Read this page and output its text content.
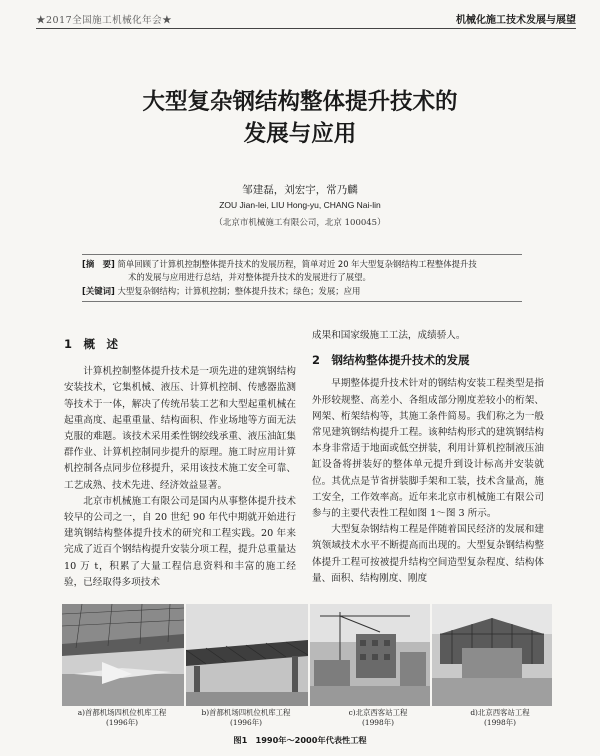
★2017全国施工机械化年会★	机械化施工技术发展与展望
大型复杂钢结构整体提升技术的
发展与应用
邹建磊，刘宏宇，常乃麟
ZOU Jian-lei, LIU Hong-yu, CHANG Nai-lin
（北京市机械施工有限公司，北京 100045）
[摘　要] 简单回顾了计算机控制整体提升技术的发展历程，简单对近 20 年大型复杂钢结构工程整体提升技
术的发展与应用进行总结，并对整体提升技术的发展进行了展望。
[关键词] 大型复杂钢结构；计算机控制；整体提升技术；绿色；发展；应用
1　概　述

计算机控制整体提升技术是一项先进的建筑钢结构安装技术，它集机械、液压、计算机控制、传感器监测等技术于一体，解决了传统吊装工艺和大型起重机械在起重高度、起重重量、结构面积、作业场地等方面无法克服的难题。该技术采用柔性钢绞线承重、液压油缸集群作业、计算机控制同步提升的原理。施工时应用计算机控制各点同步位移提升，采用该技术施工安全可靠、工艺成熟、技术先进、经济效益显著。

北京市机械施工有限公司是国内从事整体提升技术较早的公司之一，自 20 世纪 90 年代中期就开始进行建筑钢结构整体提升技术的研究和工程实践。20 年来完成了近百个钢结构提升安装分项工程，提升总重量达 10 万 t，积累了大量工程信息资料和丰富的施工经验，已经取得多项技术

成果和国家级施工工法，成绩骄人。

2　钢结构整体提升技术的发展

早期整体提升技术针对的钢结构安装工程类型是指外形较规整、高差小、各组成部分刚度差较小的桁架、网架、桁架结构等，其施工条件简易。我们称之为一般常见建筑钢结构提升工程。该种结构形式的建筑钢结构本身非常适于地面或低空拼装，利用计算机控制液压油缸设备将拼装好的整体单元提升到设计标高并安装就位。其优点是节省拼装脚手架和工装，技术含量高，施工安全，工作效率高。近年来北京市机械施工有限公司参与的主要代表性工程如图 1～图 3 所示。

大型复杂钢结构工程是伴随着国民经济的发展和建筑领域技术水平不断提高而出现的。大型复杂钢结构整体提升工程可按被提升结构空间造型复杂程度、结构体量、面积、结构刚度、刚度

a)首都机场四机位机库工程
(1996年)
b)首都机场四机位机库工程
(1996年)
c)北京西客站工程
(1998年)
d)北京西客站工程
(1998年)
图1　1990年～2000年代表性工程
